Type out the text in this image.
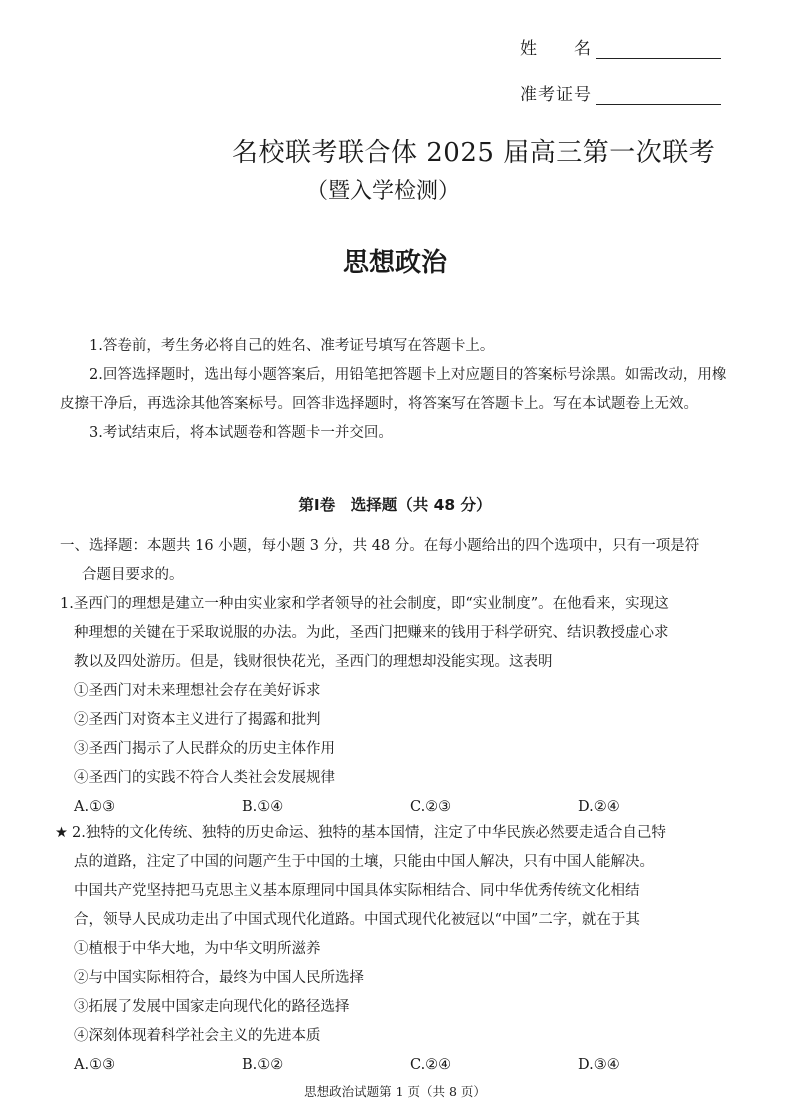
姓　　名
准考证号
名校联考联合体 2025 届高三第一次联考
（暨入学检测）
思想政治

1.答卷前，考生务必将自己的姓名、准考证号填写在答题卡上。

2.回答选择题时，选出每小题答案后，用铅笔把答题卡上对应题目的答案标号涂黑。如需改动，用橡皮擦干净后，再选涂其他答案标号。回答非选择题时，将答案写在答题卡上。写在本试题卷上无效。

3.考试结束后，将本试题卷和答题卡一并交回。

第Ⅰ卷　选择题（共 48 分）
一、选择题：本题共 16 小题，每小题 3 分，共 48 分。在每小题给出的四个选项中，只有一项是符
合题目要求的。
1.圣西门的理想是建立一种由实业家和学者领导的社会制度，即“实业制度”。在他看来，实现这
种理想的关键在于采取说服的办法。为此，圣西门把赚来的钱用于科学研究、结识教授虚心求
教以及四处游历。但是，钱财很快花光，圣西门的理想却没能实现。这表明
①圣西门对未来理想社会存在美好诉求
②圣西门对资本主义进行了揭露和批判
③圣西门揭示了人民群众的历史主体作用
④圣西门的实践不符合人类社会发展规律
A.①③	B.①④	C.②③	D.②④
★ 2.独特的文化传统、独特的历史命运、独特的基本国情，注定了中华民族必然要走适合自己特
点的道路，注定了中国的问题产生于中国的土壤，只能由中国人解决，只有中国人能解决。
中国共产党坚持把马克思主义基本原理同中国具体实际相结合、同中华优秀传统文化相结
合，领导人民成功走出了中国式现代化道路。中国式现代化被冠以“中国”二字，就在于其
①植根于中华大地，为中华文明所滋养
②与中国实际相符合，最终为中国人民所选择
③拓展了发展中国家走向现代化的路径选择
④深刻体现着科学社会主义的先进本质
A.①③	B.①②	C.②④	D.③④
思想政治试题第 1 页（共 8 页）
